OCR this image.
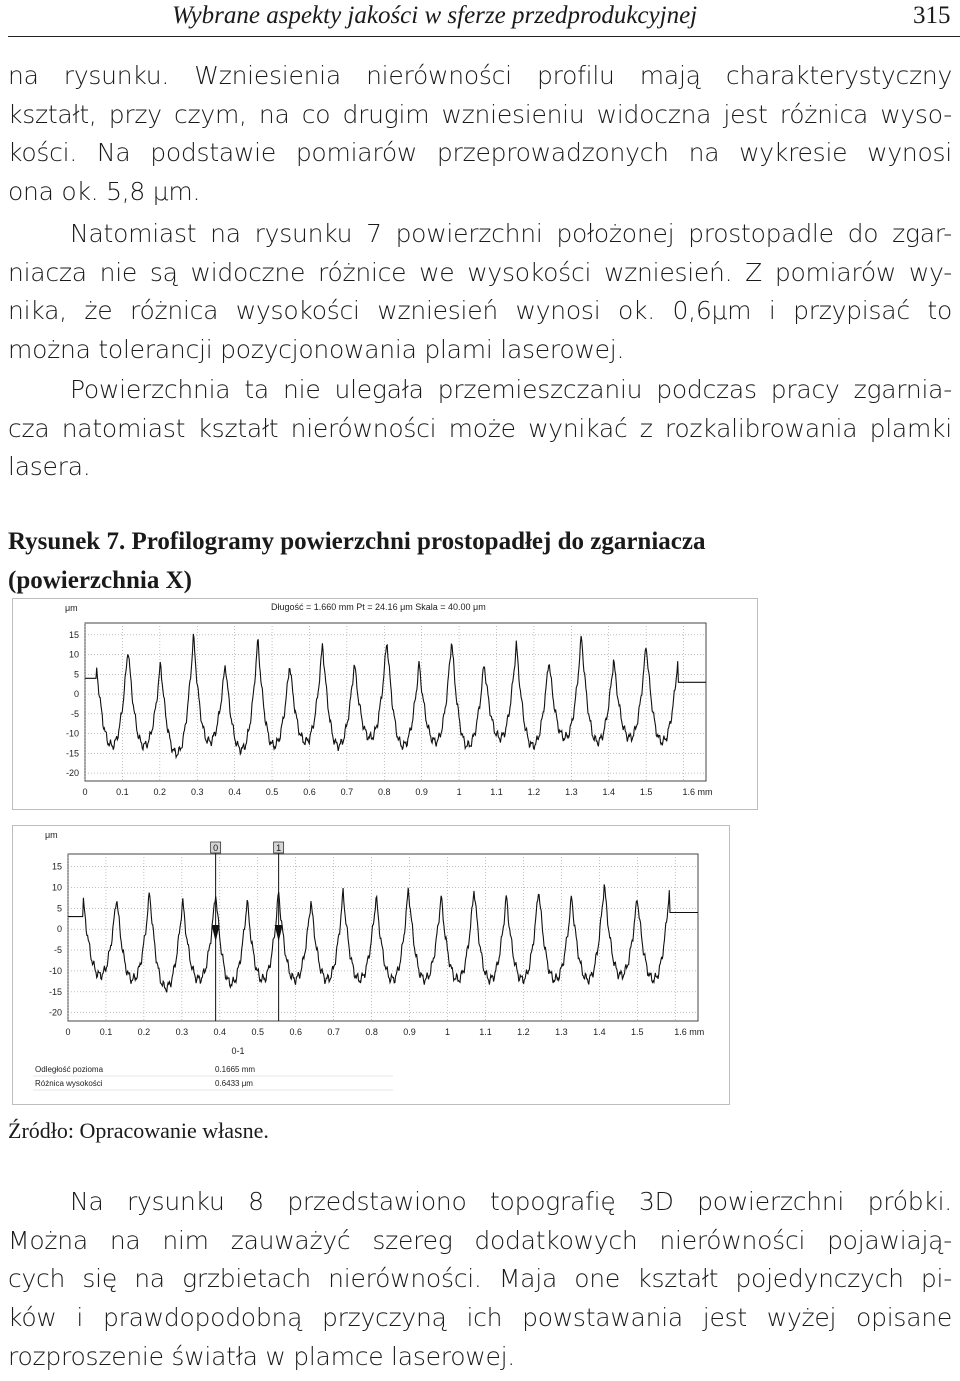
Wybrane aspekty jakości w sferze przedprodukcyjnej	315
na rysunku. Wzniesienia nierówności profilu mają charakterystyczny
kształt, przy czym, na co drugim wzniesieniu widoczna jest różnica wyso-
kości. Na podstawie pomiarów przeprowadzonych na wykresie wynosi
ona ok. 5,8 μm.
Natomiast na rysunku 7 powierzchni położonej prostopadle do zgar-
niacza nie są widoczne różnice we wysokości wzniesień. Z pomiarów wy-
nika, że różnica wysokości wzniesień wynosi ok. 0,6μm i przypisać to
można tolerancji pozycjonowania plami laserowej.
Powierzchnia ta nie ulegała przemieszczaniu podczas pracy zgarnia-
cza natomiast kształt nierówności może wynikać z rozkalibrowania plamki
lasera.
Rysunek 7. Profilogramy powierzchni prostopadłej do zgarniacza
(powierzchnia X)
μm	Długość = 1.660 mm Pt = 24.16 μm Skala = 40.00 μm
15
10
5
0
-5
-10
-15
-20
0	0.1	0.2	0.3	0.4	0.5	0.6	0.7	0.8	0.9	1	1.1	1.2	1.3	1.4	1.5	1.6 mm
μm
15
10
5
0
-5
-10
-15
-20
0	0.1	0.2	0.3	0.4	0.5	0.6	0.7	0.8	0.9	1	1.1	1.2	1.3	1.4	1.5	1.6 mm
0	1
0-1
Odległość pozioma	0.1665 mm
Różnica wysokości	0.6433 μm
Źródło: Opracowanie własne.
Na rysunku 8 przedstawiono topografię 3D powierzchni próbki.
Można na nim zauważyć szereg dodatkowych nierówności pojawiają-
cych się na grzbietach nierówności. Maja one kształt pojedynczych pi-
ków i prawdopodobną przyczyną ich powstawania jest wyżej opisane
rozproszenie światła w plamce laserowej.
